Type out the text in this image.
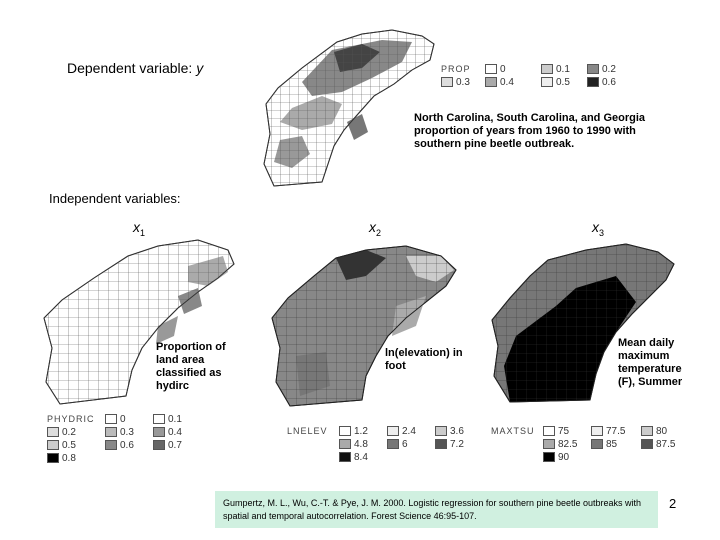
Dependent variable: y	PROP	0	0.1	0.2
0.3	0.4	0.5	0.6
North Carolina, South Carolina, and Georgia proportion of years from 1960 to 1990 with southern pine beetle outbreak.
Independent variables:
$x_1$	$x_2$	$x_3$
Proportion of land area classified as hydirc
ln(elevation) in foot
Mean daily maximum temperature (F), Summer
PHYDRIC	0	0.1
0.2	0.3	0.4
0.5	0.6	0.7
0.8
LNELEV	1.2	2.4	3.6
4.8	6	7.2
8.4
MAXTSU	75	77.5	80
82.5	85	87.5
90
Gumpertz, M. L., Wu, C.-T. & Pye, J. M. 2000. Logistic regression for southern pine beetle outbreaks with spatial and temporal autocorrelation. Forest Science 46:95-107.
2
